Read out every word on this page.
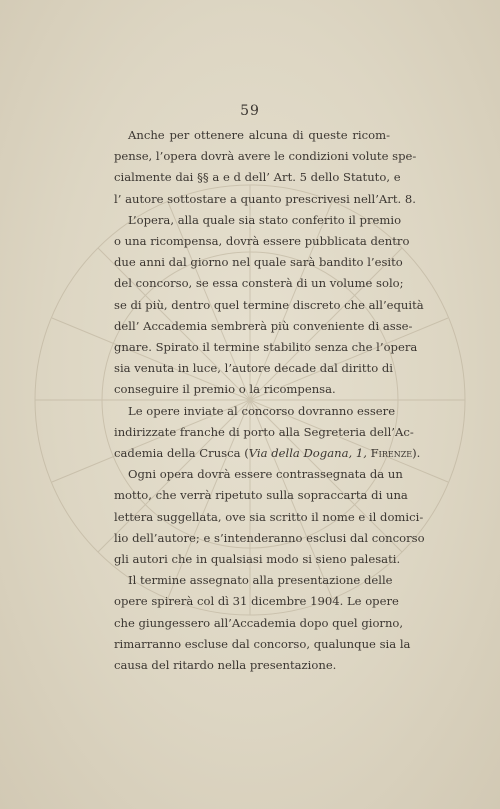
59

Anche per ottenere alcuna di queste ricom-
pense, l’opera dovrà avere le condizioni volute spe-
cialmente dai §§ a e d dell’ Art. 5 dello Statuto, e
l’ autore sottostare a quanto prescrivesi nell’Art. 8.

L’opera, alla quale sia stato conferito il premio
o una ricompensa, dovrà essere pubblicata dentro
due anni dal giorno nel quale sarà bandito l’esito
del concorso, se essa consterà di un volume solo;
se di più, dentro quel termine discreto che all’equità
dell’ Accademia sembrerà più conveniente di asse-
gnare. Spirato il termine stabilito senza che l’opera
sia venuta in luce, l’autore decade dal diritto di
conseguire il premio o la ricompensa.

Le opere inviate al concorso dovranno essere
indirizzate franche di porto alla Segreteria dell’Ac-
cademia della Crusca (Via della Dogana, 1, Firenze).

Ogni opera dovrà essere contrassegnata da un
motto, che verrà ripetuto sulla sopraccarta di una
lettera suggellata, ove sia scritto il nome e il domici-
lio dell’autore; e s’intenderanno esclusi dal concorso
gli autori che in qualsiasi modo si sieno palesati.

Il termine assegnato alla presentazione delle
opere spirerà col dì 31 dicembre 1904. Le opere
che giungessero all’Accademia dopo quel giorno,
rimarranno escluse dal concorso, qualunque sia la
causa del ritardo nella presentazione.
